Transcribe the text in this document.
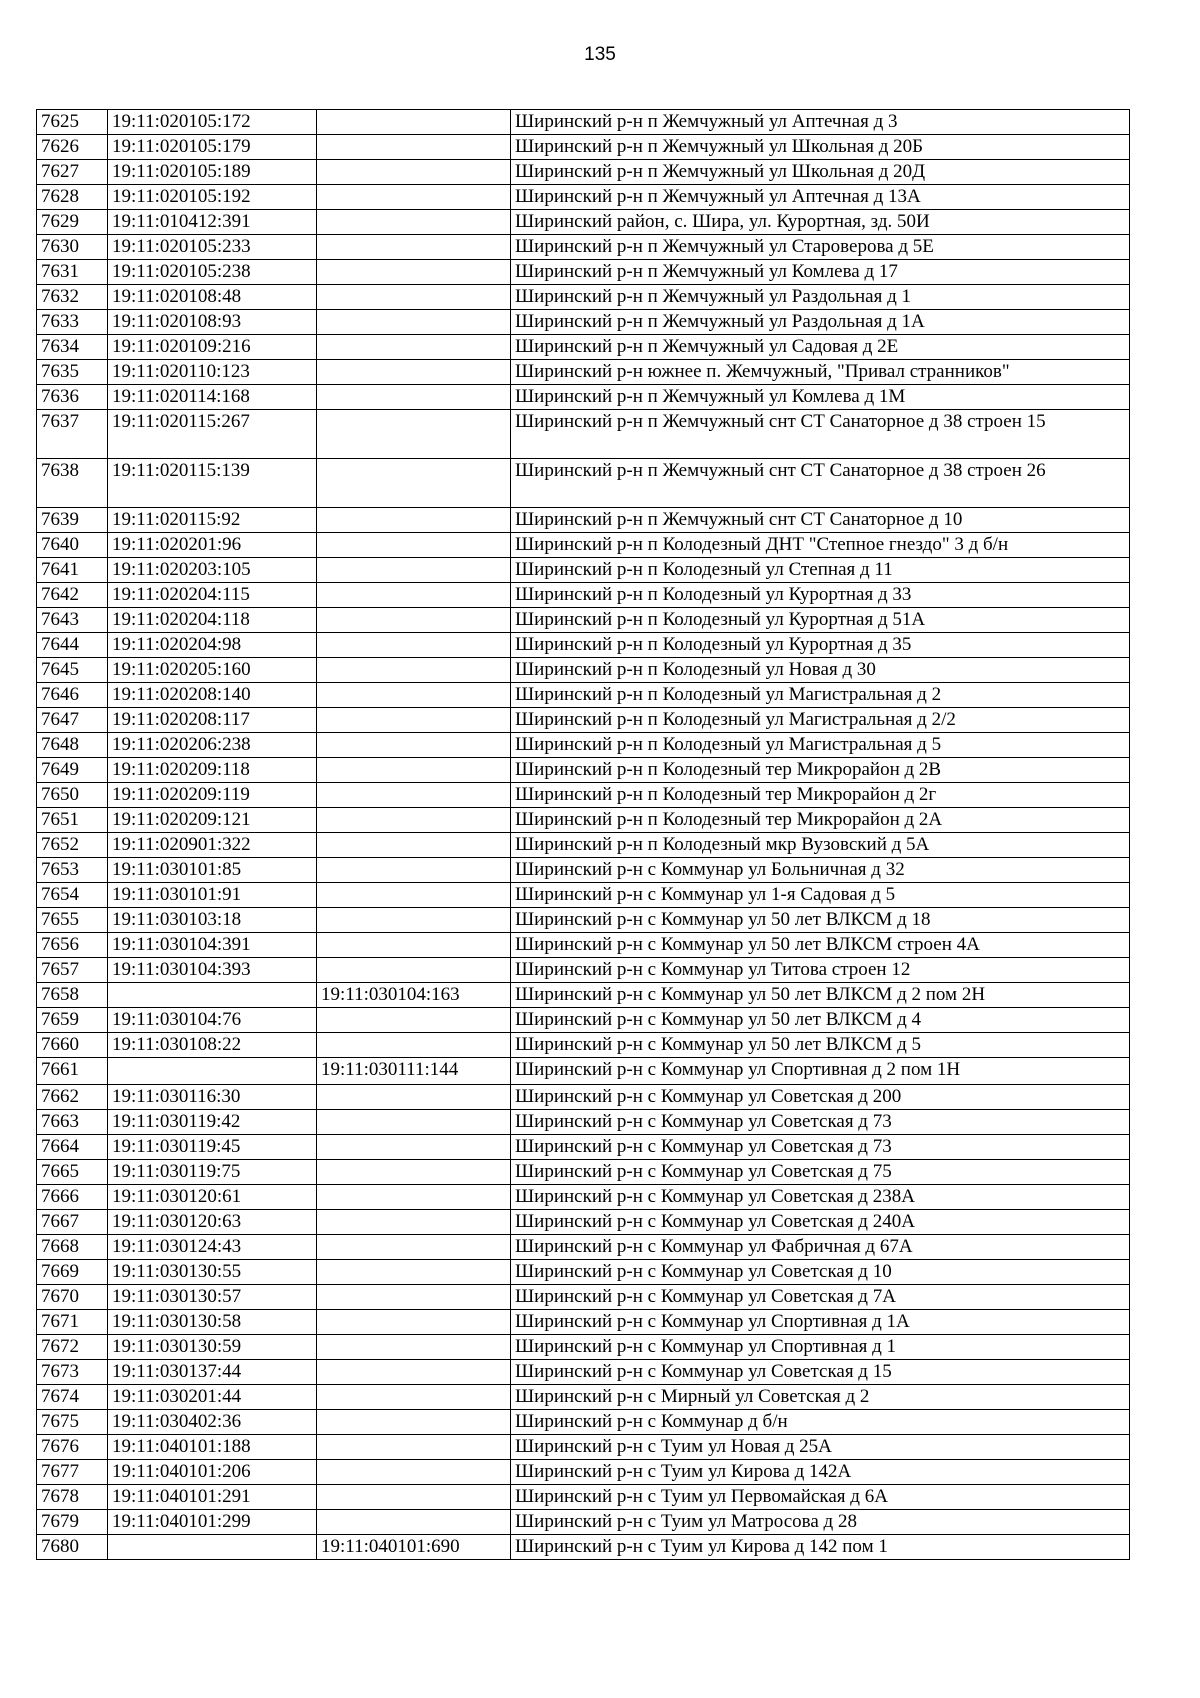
135
7625	19:11:020105:172		Ширинский р-н п Жемчужный ул Аптечная д 3
7626	19:11:020105:179		Ширинский р-н п Жемчужный ул Школьная д 20Б
7627	19:11:020105:189		Ширинский р-н п Жемчужный ул Школьная д 20Д
7628	19:11:020105:192		Ширинский р-н п Жемчужный ул Аптечная д 13А
7629	19:11:010412:391		Ширинский район, с. Шира, ул. Курортная, зд. 50И
7630	19:11:020105:233		Ширинский р-н п Жемчужный ул Староверова д 5Е
7631	19:11:020105:238		Ширинский р-н п Жемчужный ул Комлева д 17
7632	19:11:020108:48		Ширинский р-н п Жемчужный ул Раздольная д 1
7633	19:11:020108:93		Ширинский р-н п Жемчужный ул Раздольная д 1А
7634	19:11:020109:216		Ширинский р-н п Жемчужный ул Садовая д 2Е
7635	19:11:020110:123		Ширинский р-н южнее п. Жемчужный, "Привал странников"
7636	19:11:020114:168		Ширинский р-н п Жемчужный ул Комлева д 1М
7637	19:11:020115:267		Ширинский р-н п Жемчужный снт СТ Санаторное д 38 строен 15
7638	19:11:020115:139		Ширинский р-н п Жемчужный снт СТ Санаторное д 38 строен 26
7639	19:11:020115:92		Ширинский р-н п Жемчужный снт СТ Санаторное д 10
7640	19:11:020201:96		Ширинский р-н п Колодезный ДНТ "Степное гнездо" 3 д б/н
7641	19:11:020203:105		Ширинский р-н п Колодезный ул Степная д 11
7642	19:11:020204:115		Ширинский р-н п Колодезный ул Курортная д 33
7643	19:11:020204:118		Ширинский р-н п Колодезный ул Курортная д 51А
7644	19:11:020204:98		Ширинский р-н п Колодезный ул Курортная д 35
7645	19:11:020205:160		Ширинский р-н п Колодезный ул Новая д 30
7646	19:11:020208:140		Ширинский р-н п Колодезный ул Магистральная д 2
7647	19:11:020208:117		Ширинский р-н п Колодезный ул Магистральная д 2/2
7648	19:11:020206:238		Ширинский р-н п Колодезный ул Магистральная д 5
7649	19:11:020209:118		Ширинский р-н п Колодезный тер Микрорайон д 2В
7650	19:11:020209:119		Ширинский р-н п Колодезный тер Микрорайон д 2г
7651	19:11:020209:121		Ширинский р-н п Колодезный тер Микрорайон д 2А
7652	19:11:020901:322		Ширинский р-н п Колодезный мкр Вузовский д 5А
7653	19:11:030101:85		Ширинский р-н с Коммунар ул Больничная д 32
7654	19:11:030101:91		Ширинский р-н с Коммунар ул 1-я Садовая д 5
7655	19:11:030103:18		Ширинский р-н с Коммунар ул 50 лет ВЛКСМ д 18
7656	19:11:030104:391		Ширинский р-н с Коммунар ул 50 лет ВЛКСМ строен 4А
7657	19:11:030104:393		Ширинский р-н с Коммунар ул Титова строен 12
7658		19:11:030104:163	Ширинский р-н с Коммунар ул 50 лет ВЛКСМ д 2 пом 2Н
7659	19:11:030104:76		Ширинский р-н с Коммунар ул 50 лет ВЛКСМ д 4
7660	19:11:030108:22		Ширинский р-н с Коммунар ул 50 лет ВЛКСМ д 5
7661		19:11:030111:144	Ширинский р-н с Коммунар ул Спортивная д 2 пом 1Н
7662	19:11:030116:30		Ширинский р-н с Коммунар ул Советская д 200
7663	19:11:030119:42		Ширинский р-н с Коммунар ул Советская д 73
7664	19:11:030119:45		Ширинский р-н с Коммунар ул Советская д 73
7665	19:11:030119:75		Ширинский р-н с Коммунар ул Советская д 75
7666	19:11:030120:61		Ширинский р-н с Коммунар ул Советская д 238А
7667	19:11:030120:63		Ширинский р-н с Коммунар ул Советская д 240А
7668	19:11:030124:43		Ширинский р-н с Коммунар ул Фабричная д 67А
7669	19:11:030130:55		Ширинский р-н с Коммунар ул Советская д 10
7670	19:11:030130:57		Ширинский р-н с Коммунар ул Советская д 7А
7671	19:11:030130:58		Ширинский р-н с Коммунар ул Спортивная д 1А
7672	19:11:030130:59		Ширинский р-н с Коммунар ул Спортивная д 1
7673	19:11:030137:44		Ширинский р-н с Коммунар ул Советская д 15
7674	19:11:030201:44		Ширинский р-н с Мирный ул Советская д 2
7675	19:11:030402:36		Ширинский р-н с Коммунар д б/н
7676	19:11:040101:188		Ширинский р-н с Туим ул Новая д 25А
7677	19:11:040101:206		Ширинский р-н с Туим ул Кирова д 142А
7678	19:11:040101:291		Ширинский р-н с Туим ул Первомайская д 6А
7679	19:11:040101:299		Ширинский р-н с Туим ул Матросова д 28
7680		19:11:040101:690	Ширинский р-н с Туим ул Кирова д 142 пом 1
